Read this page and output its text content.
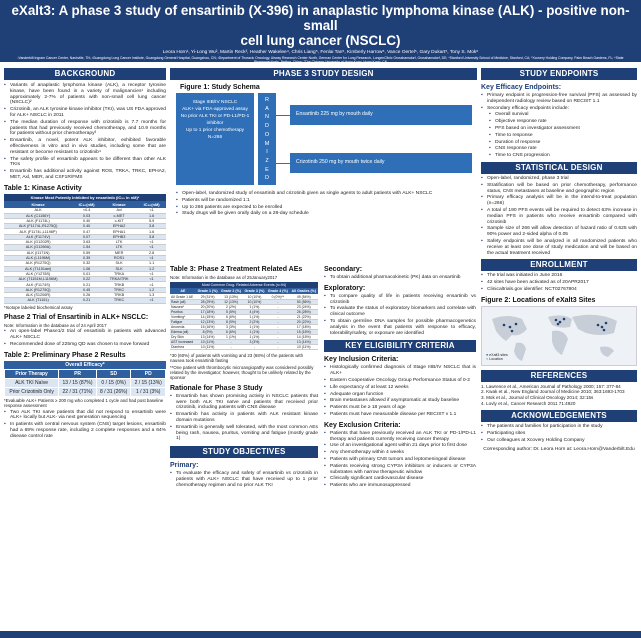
eXalt3: A phase 3 study of ensartinib (X-396) in anaplastic lymphoma kinase (ALK) - positive non-small
cell lung cancer (NSCLC)
Leora Horn¹, Yi-Long Wu², Martin Reck³, Heather Wakelee⁴, Chris Liang⁵, Fenlai Tan⁵, Kimberly Harrow⁵, Vance Oertel⁵, Gary Dukart⁵, Tony S. Mok⁶
¹Vanderbilt Ingram Cancer Center, Nashville, TN; ²Guangdong Lung Cancer Institute, Guangdong General Hospital, Guangzhou, CN; ³Department of Thoracic Oncology, Airway Research Center North, German Center for Lung Research, LungenClinic Grosshansdorf, Grosshansdorf, DE; ⁴Stanford University School of Medicine, Stanford, CA; ⁵Xcovery Holding Company, Palm Beach Gardens, FL; ⁶State Pharmaceuticals, Beijing, China; ⁷The Chinese University of Hong Kong, Hong Kong, CN
BACKGROUND
▪ Variants of anaplastic lymphoma kinase (ALK), a receptor tyrosine kinase, have been found in a variety of malignancies¹ including approximately 2-7% of patients with non-small cell lung cancer (NSCLC)²
▪ Crizotinib, an ALK tyrosine kinase inhibitor (TKI), was US FDA approved for ALK+ NSCLC in 2011
▪ The median duration of response with crizotinib is 7.7 months for patients that had previously received chemotherapy, and 10.9 months for patients without prior chemotherapy³
▪ Ensartinib, a novel, potent ALK inhibitor, exhibited favorable effectiveness in vitro and in vivo studies, including some that are resistant or become resistant to crizotinib⁴
▪ The safety profile of ensartinib appears to be different than other ALK TKIs
▪ Ensartinib has additional activity against ROS, TRKA, TRKC, EPHA2, MET, Axl, MER, and CSF1R/FMS
Table 1: Kinase Activity
Kinase Most Potently Inhibited by ensartinib (IC₅₀ in nM)*
Kinase	IC₅₀(nM)	Kinase	IC₅₀(nM)
ALK	<0.4	Axl	<1
ALK (C1156Y)	0.03	c-MET	1.6
ALK (F1174L)	0.40	c-KIT	5.9
ALK (F1174L,R1275Q)	0.40	EPHA2	3.8
ALK (F1174L,L1198P)	0.47	EPHA1	1.6
ALK (F1174V)	0.07	EPHB3	3.8
ALK (G1202R)	3.63	LTK	<1
ALK (G1269A)	1.54	LTK	<1
ALK (I1171N)	0.59	MER	2.8
ALK (L1196M)	0.39	ROS1	<1
ALK (R1275Q)	0.32	SLK	1.1
ALK (T1151del)	1.06	SLK	1.2
ALK (Y1278S)	0.01	TRKA	<1
ALK (T1151M,L1196M)	0.22	TRKA/TRK	<1
ALK (F1174S)	0.21	TRKB	<1
ALK (R1275Q)	0.45	TRKC	1.2
ALK (S1206R)	0.26	TRKB	1.3
ALK (T1151)	0.21	TRKC	<1
*Isotope labeled biochemical assay
Phase 2 Trial of Ensartinib in ALK+ NSCLC:
Note: Information in the database as of 24 April 2017
▪ An open-label Phase1/2 trial of ensartinib in patients with advanced ALK+ NSCLC
▪ Recommended dose of 225mg QD was chosen to move forward
Table 2: Preliminary Phase 2 Results
Overall Efficacy*
Prior Therapy	PR	SD	PD
ALK TKI Naïve	13 / 15 (87%)	0 / 15 (0%)	2 / 15 (13%)
Prior Crizotinib Only	22 / 31 (71%)	8 / 31 (26%)	1 / 31 (3%)
*Evaluable ALK+ Patients ≥ 200 mg who completed 1 cycle and had post baseline response assessment
▪ Two ALK TKI naïve patients that did not respond to ensartinib were ALK+ locally but ALK- via next generation sequencing
▪ In patients with central nervous system (CNS) target lesions, ensartinib had a 69% response rate, including 2 complete responses and a 64% disease control rate
PHASE 3 STUDY DESIGN
Figure 1: Study Schema
Stage IIIB/IV NSCLC
ALK+ via FDA-approved assay
No prior ALK TKI or PD-L1/PD-1 inhibitor
Up to 1 prior chemotherapy
N=266
R
A
N
D
O
M
I
Z
E
D
Ensartinib 225 mg by mouth daily
Crizotinib 250 mg by mouth twice daily
▪ Open-label, randomized study of ensartinib and crizotinib given as single agents to adult patients with ALK+ NSCLC
▪ Patients will be randomized 1:1
▪ Up to 266 patients are expected to be enrolled
▪ Study drugs will be given orally daily on a 28-day schedule
Table 3: Phase 2 Treatment Related AEs
Note: Information in the database as of 25January2017
Most Common Drug- Related Adverse Events (n=94)
AE	Grade 1 (%)	Grade 2 (%)	Grade 3 (%)	Grade 4 (%)	All Grades (%)
All Grade 1 AE	29 (31%)	13 (13%)	10 (10%)	0 (0%)**	49 (54%)
Rash (all)	28 (29%)	12 (13%)	10 (10%)	-	50 (56%)
Nausea*	20 (20%)	2 (2%)	1 (1%)	-	23 (24%)
Pruritus	17 (18%)	5 (5%)	4 (4%)	-	26 (28%)
Vomiting*	14 (15%)	6 (6%)	1 (1%)	-	21 (22%)
Fatigue	12 (13%)	8 (9%)	2 (2%)	-	20 (22%)
Anorexia	15 (16%)	3 (3%)	1 (1%)	-	17 (18%)
Edema (all)	8 (9%)	6 (6%)	1 (1%)	-	15 (16%)
Dry Skin	13 (14%)	1 (1%)	1 (1%)	-	14 (15%)
AST increased	10 (11%)	-	3 (3%)	-	13 (14%)
Diarrhea	10 (11%)	-	-	-	10 (11%)
*30 (60%) of patients with vomiting and 23 (68%) of the patients with nausea took ensartinib fasting
**One patient with thrombocytic microangiopathy was considered possibly related by the investigator; however, thought to be unlikely related by the sponsor
Rationale for Phase 3 Study
▪ Ensartinib has shown promising activity in NSCLC patients that were both ALK TKI naïve and patients that received prior crizotinib, including patients with CNS disease
▪ Ensartinib has activity in patients with ALK resistant kinase domain mutations
▪ Ensartinib is generally well tolerated, with the most common AEs being rash, nausea, pruritus, vomiting and fatigue (mostly grade 1)
STUDY OBJECTIVES
Primary:
▪ To evaluate the efficacy and safety of ensartinib vs crizotinib in patients with ALK+ NSCLC that have received up to 1 prior chemotherapy regimen and no prior ALK TKI
Secondary:
▪ To obtain additional pharmacokinetic (PK) data on ensartinib
Exploratory:
▪ To compare quality of life in patients receiving ensartinib vs crizotinib
▪ To evaluate the status of exploratory biomarkers and correlate with clinical outcome
▪ To obtain germline DNA samples for possible pharmacogenetics analysis in the event that patients with response to efficacy, tolerability/safety, or exposure are identified
KEY ELIGIBILITY CRITERIA
Key Inclusion Criteria:
▪ Histologically confirmed diagnosis of Stage IIIB/IV NSCLC that is ALK+
▪ Eastern Cooperative Oncology Group Performance Status of 0-2
▪ Life expectancy of at least 12 weeks
▪ Adequate organ function
▪ Brain metastases allowed if asymptomatic at study baseline
▪ Patients must be ≥ 18 years of age
▪ Patients must have measurable disease per RECIST v 1.1
Key Exclusion Criteria:
▪ Patients that have previously received an ALK TKI or PD-1/PD-L1 therapy and patients currently receiving cancer therapy
▪ Use of an investigational agent within 21 days prior to first dose
▪ Any chemotherapy within 4 weeks
▪ Patients with primary CNS tumors and leptomeningeal disease
▪ Patients receiving strong CYP3A inhibitors or inducers or CYP3A substrates with narrow therapeutic window
▪ Clinically significant cardiovascular disease
▪ Patients who are immunosuppressed
STUDY ENDPOINTS
Key Efficacy Endpoints:
▪ Primary endpoint is progression-free survival (PFS) as assessed by independent radiology review based on RECIST 1.1
▪ Secondary efficacy endpoints include:
▪ Overall survival
▪ Objective response rate
▪ PFS based on investigator assessment
▪ Time to response
▪ Duration of response
▪ CNS response rate
▪ Time to CNS progression
STATISTICAL DESIGN
▪ Open-label, randomized, phase 3 trial
▪ Stratification will be based on prior chemotherapy, performance status, CNS metastases at baseline and geographic region
▪ Primary efficacy analysis will be in the intend-to-treat population (n=266)
▪ A total of 190 PFS events will be required to detect 63% increase in median PFS in patients who receive ensartinib compared with crizotinib
▪ Sample size of 266 will allow detection of hazard ratio of 0.625 with 90% power and 2-sided alpha of 0.05
▪ Safety endpoints will be analyzed in all randomized patients who receive at least one dose of study medication and will be based on the actual treatment received
ENROLLMENT
▪ The trial was initiated in June 2016
▪ 42 sites have been activated as of 20APR2017
▪ Clinicaltrials.gov identifier: NCT02767804
Figure 2: Locations of eXalt3 Sites
● eXalt3 sites
● Location
REFERENCES
1. Lawrence et al., American Journal of Pathology 2000; 157: 377-84
2. Kwak et al., New England Journal of Medicine 2010; 363:1693-1703
3. Mok et al., Journal of Clinical Oncology 2014; 32:15s
4. Lovly et al., Cancer Research 2011 71:4920
ACKNOWLEDGEMENTS
▪ The patients and families for participation in the study
▪ Participating sites
▪ Our colleagues at Xcovery Holding Company
Corresponding author: Dr. Leora Horn at: Leora.Horn@Vanderbilt.Edu
